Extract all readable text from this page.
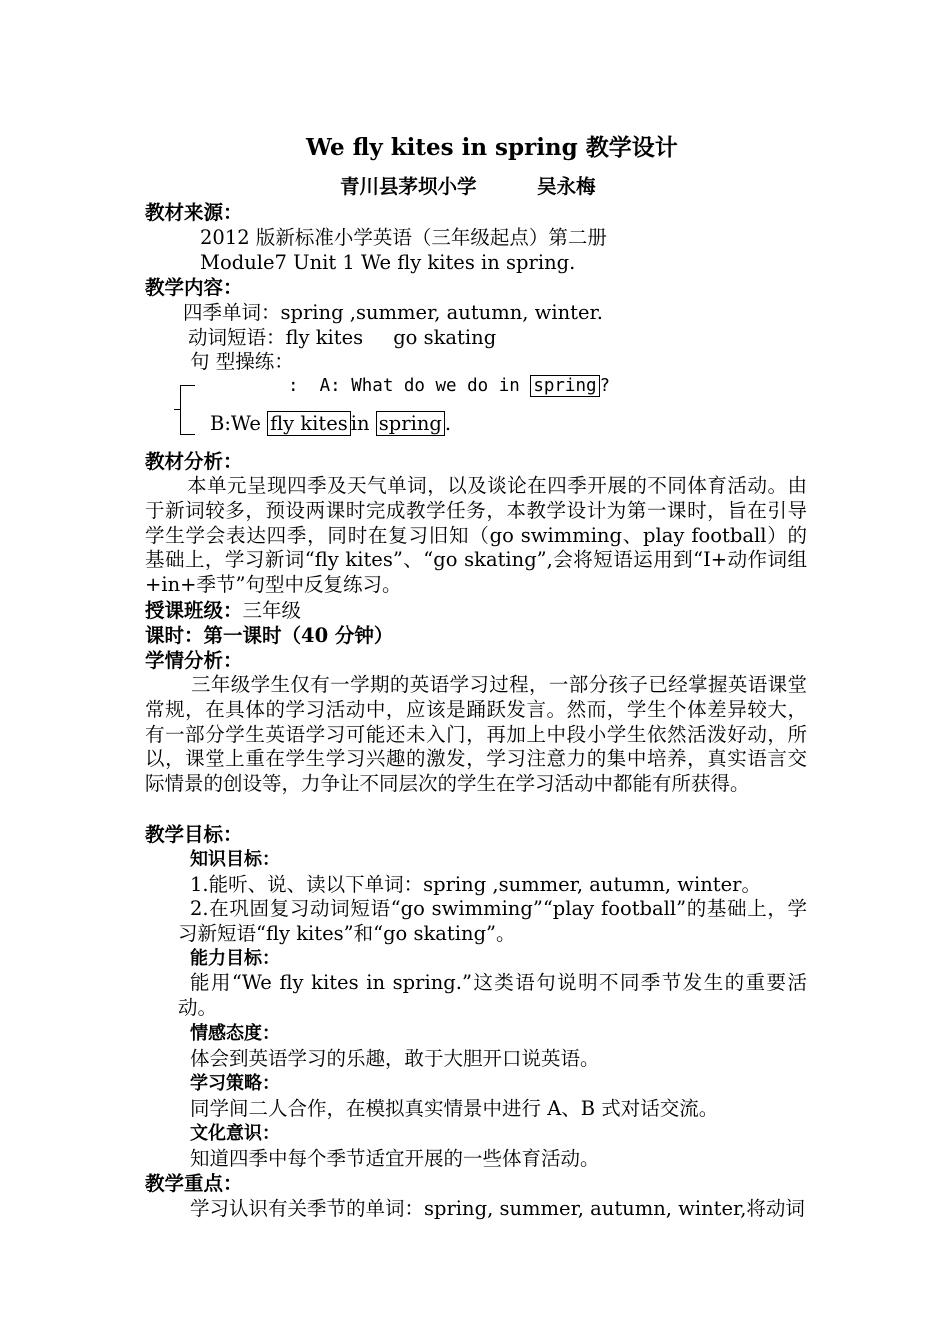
We fly kites in spring 教学设计
青川县茅坝小学	吴永梅
教材来源：
2012 版新标准小学英语（三年级起点）第二册
Module7 Unit 1 We fly kites in spring.
教学内容：
四季单词：spring ,summer, autumn, winter.
动词短语：fly kites go skating
句 型操练：
:  A: What do we do in spring ?
B:We fly kites in spring .
教材分析：
本单元呈现四季及天气单词，以及谈论在四季开展的不同体育活动。由于新词较多，预设两课时完成教学任务，本教学设计为第一课时，旨在引导学生学会表达四季，同时在复习旧知（go swimming、play football）的基础上，学习新词“fly kites”、“go skating”,会将短语运用到“I+动作词组+in+季节”句型中反复练习。
授课班级：三年级
课时：第一课时（40 分钟）
学情分析：
三年级学生仅有一学期的英语学习过程，一部分孩子已经掌握英语课堂常规，在具体的学习活动中，应该是踊跃发言。然而，学生个体差异较大，有一部分学生英语学习可能还未入门，再加上中段小学生依然活泼好动，所以，课堂上重在学生学习兴趣的激发，学习注意力的集中培养，真实语言交际情景的创设等，力争让不同层次的学生在学习活动中都能有所获得。
教学目标：
知识目标：
1.能听、说、读以下单词：spring ,summer, autumn, winter。
2.在巩固复习动词短语“go swimming”“play football”的基础上，学习新短语“fly kites”和“go skating”。
能力目标：
能用“We fly kites in spring.”这类语句说明不同季节发生的重要活动。
情感态度：
体会到英语学习的乐趣，敢于大胆开口说英语。
学习策略：
同学间二人合作，在模拟真实情景中进行 A、B 式对话交流。
文化意识：
知道四季中每个季节适宜开展的一些体育活动。
教学重点：
学习认识有关季节的单词：spring, summer, autumn, winter,将动词
